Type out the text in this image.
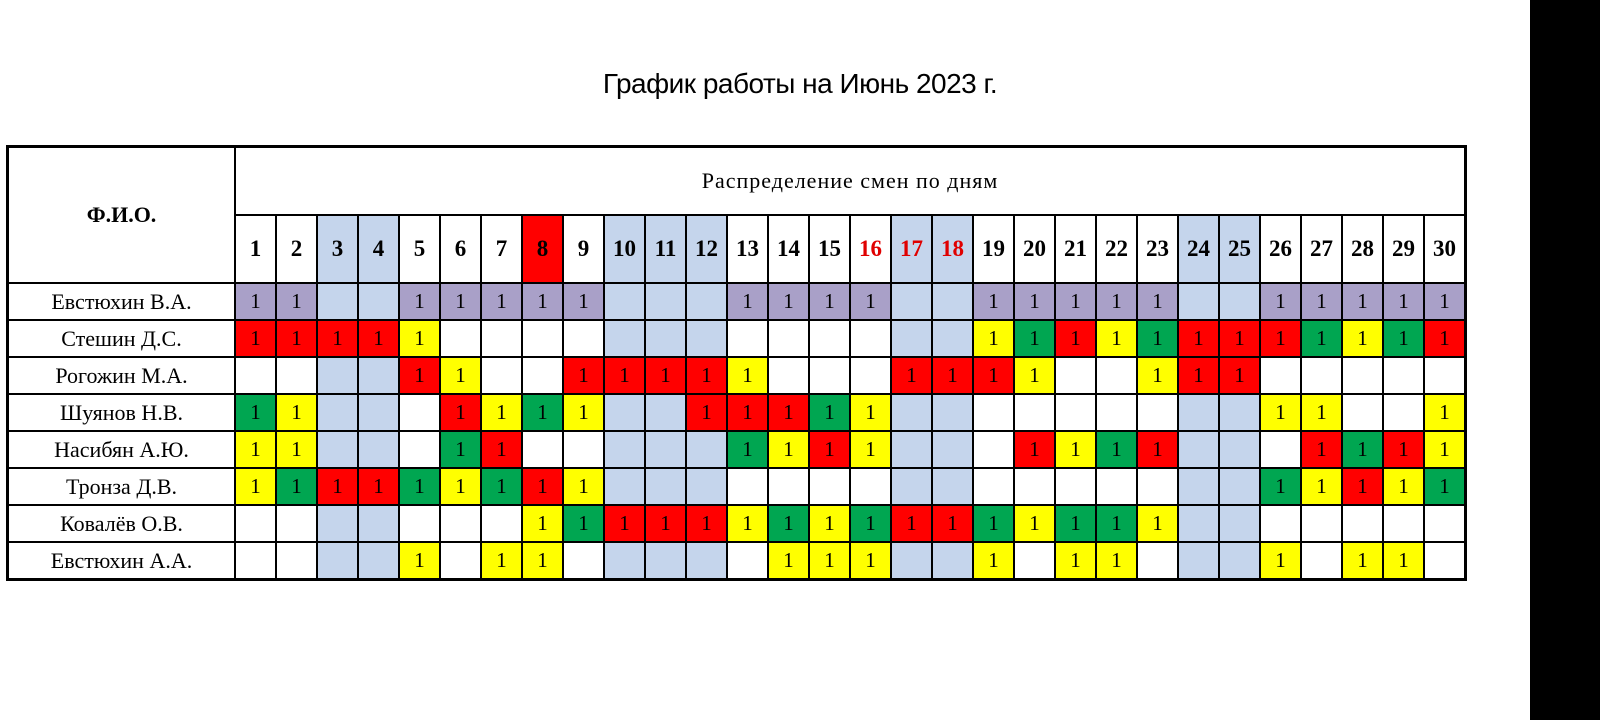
График работы на Июнь 2023 г.
Ф.И.О.	Распределение смен по дням																													
	1	2	3	4	5	6	7	8	9	10	11	12	13	14	15	16	17	18	19	20	21	22	23	24	25	26	27	28	29	30
Евстюхин В.А.	1	1			1	1	1	1	1				1	1	1	1			1	1	1	1	1			1	1	1	1	1
Стешин Д.С.	1	1	1	1	1														1	1	1	1	1	1	1	1	1	1	1	1
Рогожин М.А.					1	1			1	1	1	1	1				1	1	1	1			1	1	1					
Шуянов Н.В.	1	1				1	1	1	1			1	1	1	1	1										1	1			1
Насибян А.Ю.	1	1				1	1						1	1	1	1				1	1	1	1				1	1	1	1
Тронза Д.В.	1	1	1	1	1	1	1	1	1																	1	1	1	1	1
Ковалёв О.В.								1	1	1	1	1	1	1	1	1	1	1	1	1	1	1	1							
Евстюхин А.А.					1		1	1						1	1	1			1		1	1				1		1	1	
